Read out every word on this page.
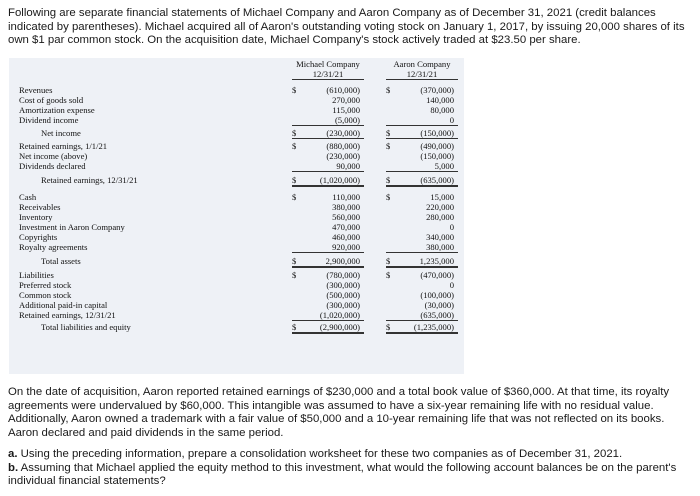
Following are separate financial statements of Michael Company and Aaron Company as of December 31, 2021 (credit balances indicated by parentheses). Michael acquired all of Aaron's outstanding voting stock on January 1, 2017, by issuing 20,000 shares of its own $1 par common stock. On the acquisition date, Michael Company's stock actively traded at $23.50 per share.

Michael Company
12/31/21
Aaron Company
12/31/21
Revenues	$	(610,000)	$	(370,000)
Cost of goods sold	270,000	140,000
Amortization expense	115,000	80,000
Dividend income	(5,000)	0
Net income	$	(230,000)	$	(150,000)
Retained earnings, 1/1/21	$	(880,000)	$	(490,000)
Net income (above)	(230,000)	(150,000)
Dividends declared	90,000	5,000
Retained earnings, 12/31/21	$	(1,020,000)	$	(635,000)
Cash	$	110,000	$	15,000
Receivables	380,000	220,000
Inventory	560,000	280,000
Investment in Aaron Company	470,000	0
Copyrights	460,000	340,000
Royalty agreements	920,000	380,000
Total assets	$	2,900,000	$	1,235,000
Liabilities	$	(780,000)	$	(470,000)
Preferred stock	(300,000)	0
Common stock	(500,000)	(100,000)
Additional paid-in capital	(300,000)	(30,000)
Retained earnings, 12/31/21	(1,020,000)	(635,000)
Total liabilities and equity	$	(2,900,000)	$	(1,235,000)

On the date of acquisition, Aaron reported retained earnings of $230,000 and a total book value of $360,000. At that time, its royalty agreements were undervalued by $60,000. This intangible was assumed to have a six-year remaining life with no residual value. Additionally, Aaron owned a trademark with a fair value of $50,000 and a 10-year remaining life that was not reflected on its books. Aaron declared and paid dividends in the same period.

a. Using the preceding information, prepare a consolidation worksheet for these two companies as of December 31, 2021.
b. Assuming that Michael applied the equity method to this investment, what would the following account balances be on the parent's individual financial statements?
